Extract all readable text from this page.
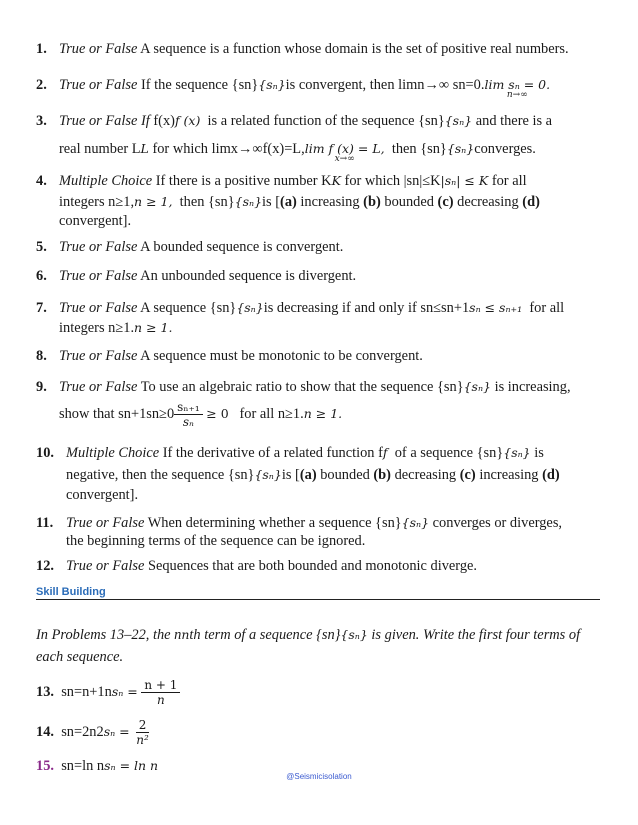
1. True or False A sequence is a function whose domain is the set of positive real numbers.
2. True or False If the sequence {sn}{sₙ}is convergent, then limn→∞ sn=0.lim sₙ = 0.
n→∞
3. True or False If f(x)f (x) is a related function of the sequence {sn}{sₙ} and there is a
real number LL for which limx→∞f(x)=L,lim f (x) = L,
x→∞
then {sn}{sₙ}converges.
4. Multiple Choice If there is a positive number KK for which |sn|≤K|sₙ| ≤ K for all
integers n≥1,n ≥ 1, then {sn}{sₙ}is [(a) increasing (b) bounded (c) decreasing (d)
convergent].
5. True or False A bounded sequence is convergent.
6. True or False An unbounded sequence is divergent.
7. True or False A sequence {sn}{sₙ}is decreasing if and only if sn≤sn+1sₙ ≤ sₙ₊₁ for all
integers n≥1.n ≥ 1.
8. True or False A sequence must be monotonic to be convergent.
9. True or False To use an algebraic ratio to show that the sequence {sn}{sₙ} is increasing,
show that $sn+1sn\ge 0 \frac{\text{sₙ₊₁}}{\text{sₙ}} \ge 0$ for all n≥1.n ≥ 1.
10. Multiple Choice If the derivative of a related function ff of a sequence {sn}{sₙ} is
negative, then the sequence {sn}{sₙ}is [(a) bounded (b) decreasing (c) increasing (d)
convergent].
11. True or False When determining whether a sequence {sn}{sₙ} converges or diverges,
the beginning terms of the sequence can be ignored.
12. True or False Sequences that are both bounded and monotonic diverge.
Skill Building
In Problems 13–22, the nnth term of a sequence {sn}{sₙ} is given. Write the first four terms of each sequence.
13. $sn=n+1ns_n = \frac{n + 1}{n}$
14. $sn=2n2s_n = \frac{2}{\text{n²}}$
15. sn=ln nsₙ = ln n
@Seismicisolation
